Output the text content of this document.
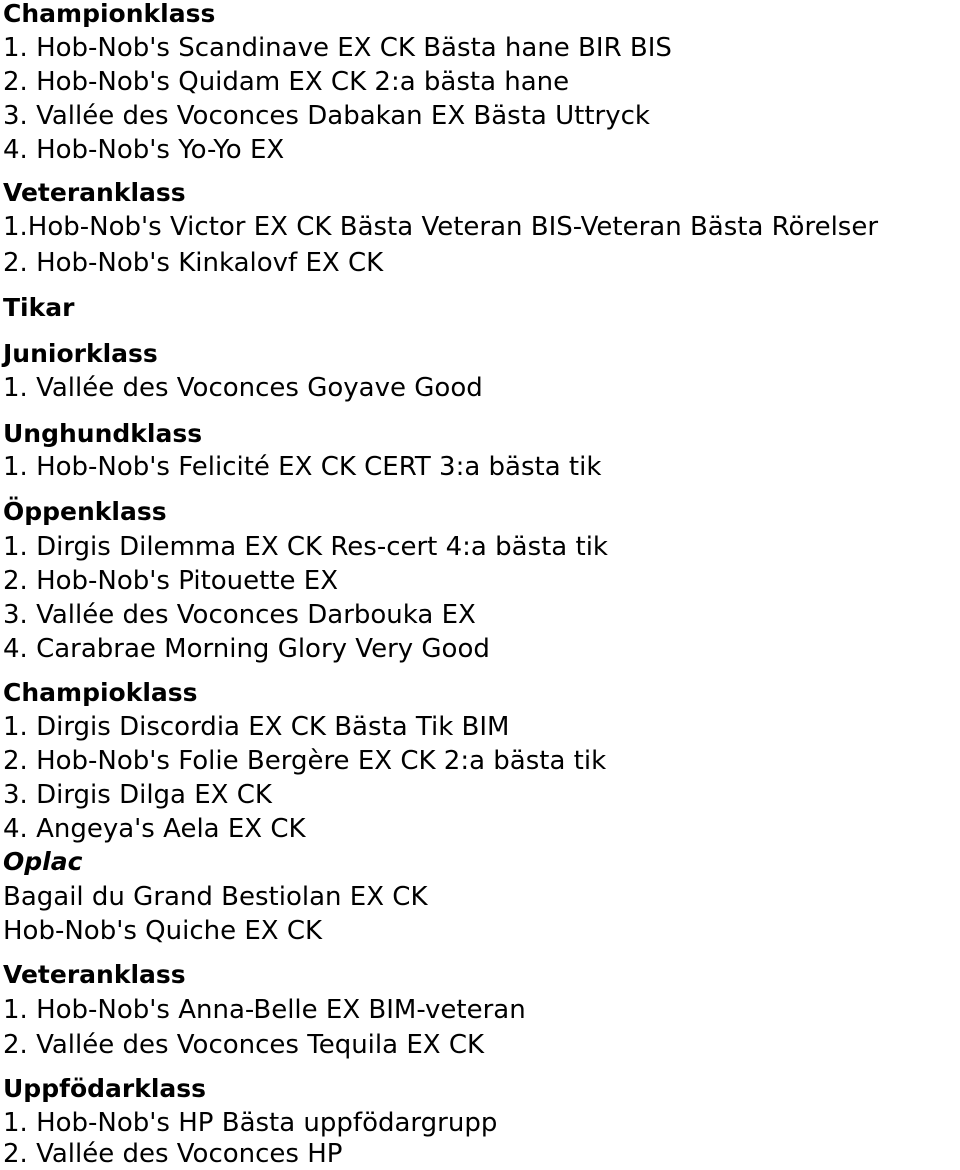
Championklass
1. Hob-Nob's Scandinave EX CK Bästa hane BIR BIS
2. Hob-Nob's Quidam EX CK 2:a bästa hane
3. Vallée des Voconces Dabakan EX Bästa Uttryck
4. Hob-Nob's Yo-Yo EX
Veteranklass
1.Hob-Nob's Victor EX CK Bästa Veteran BIS-Veteran Bästa Rörelser
2. Hob-Nob's Kinkalovf EX CK
Tikar
Juniorklass
1. Vallée des Voconces Goyave Good
Unghundklass
1. Hob-Nob's Felicité EX CK CERT 3:a bästa tik
Öppenklass
1. Dirgis Dilemma EX CK Res-cert 4:a bästa tik
2. Hob-Nob's Pitouette EX
3. Vallée des Voconces Darbouka EX
4. Carabrae Morning Glory Very Good
Champioklass
1. Dirgis Discordia EX CK Bästa Tik BIM
2. Hob-Nob's Folie Bergère EX CK 2:a bästa tik
3. Dirgis Dilga EX CK
4. Angeya's Aela EX CK
Oplac
Bagail du Grand Bestiolan EX CK
Hob-Nob's Quiche EX CK
Veteranklass
1. Hob-Nob's Anna-Belle EX BIM-veteran
2. Vallée des Voconces Tequila EX CK
Uppfödarklass
1. Hob-Nob's HP Bästa uppfödargrupp
2. Vallée des Voconces HP
